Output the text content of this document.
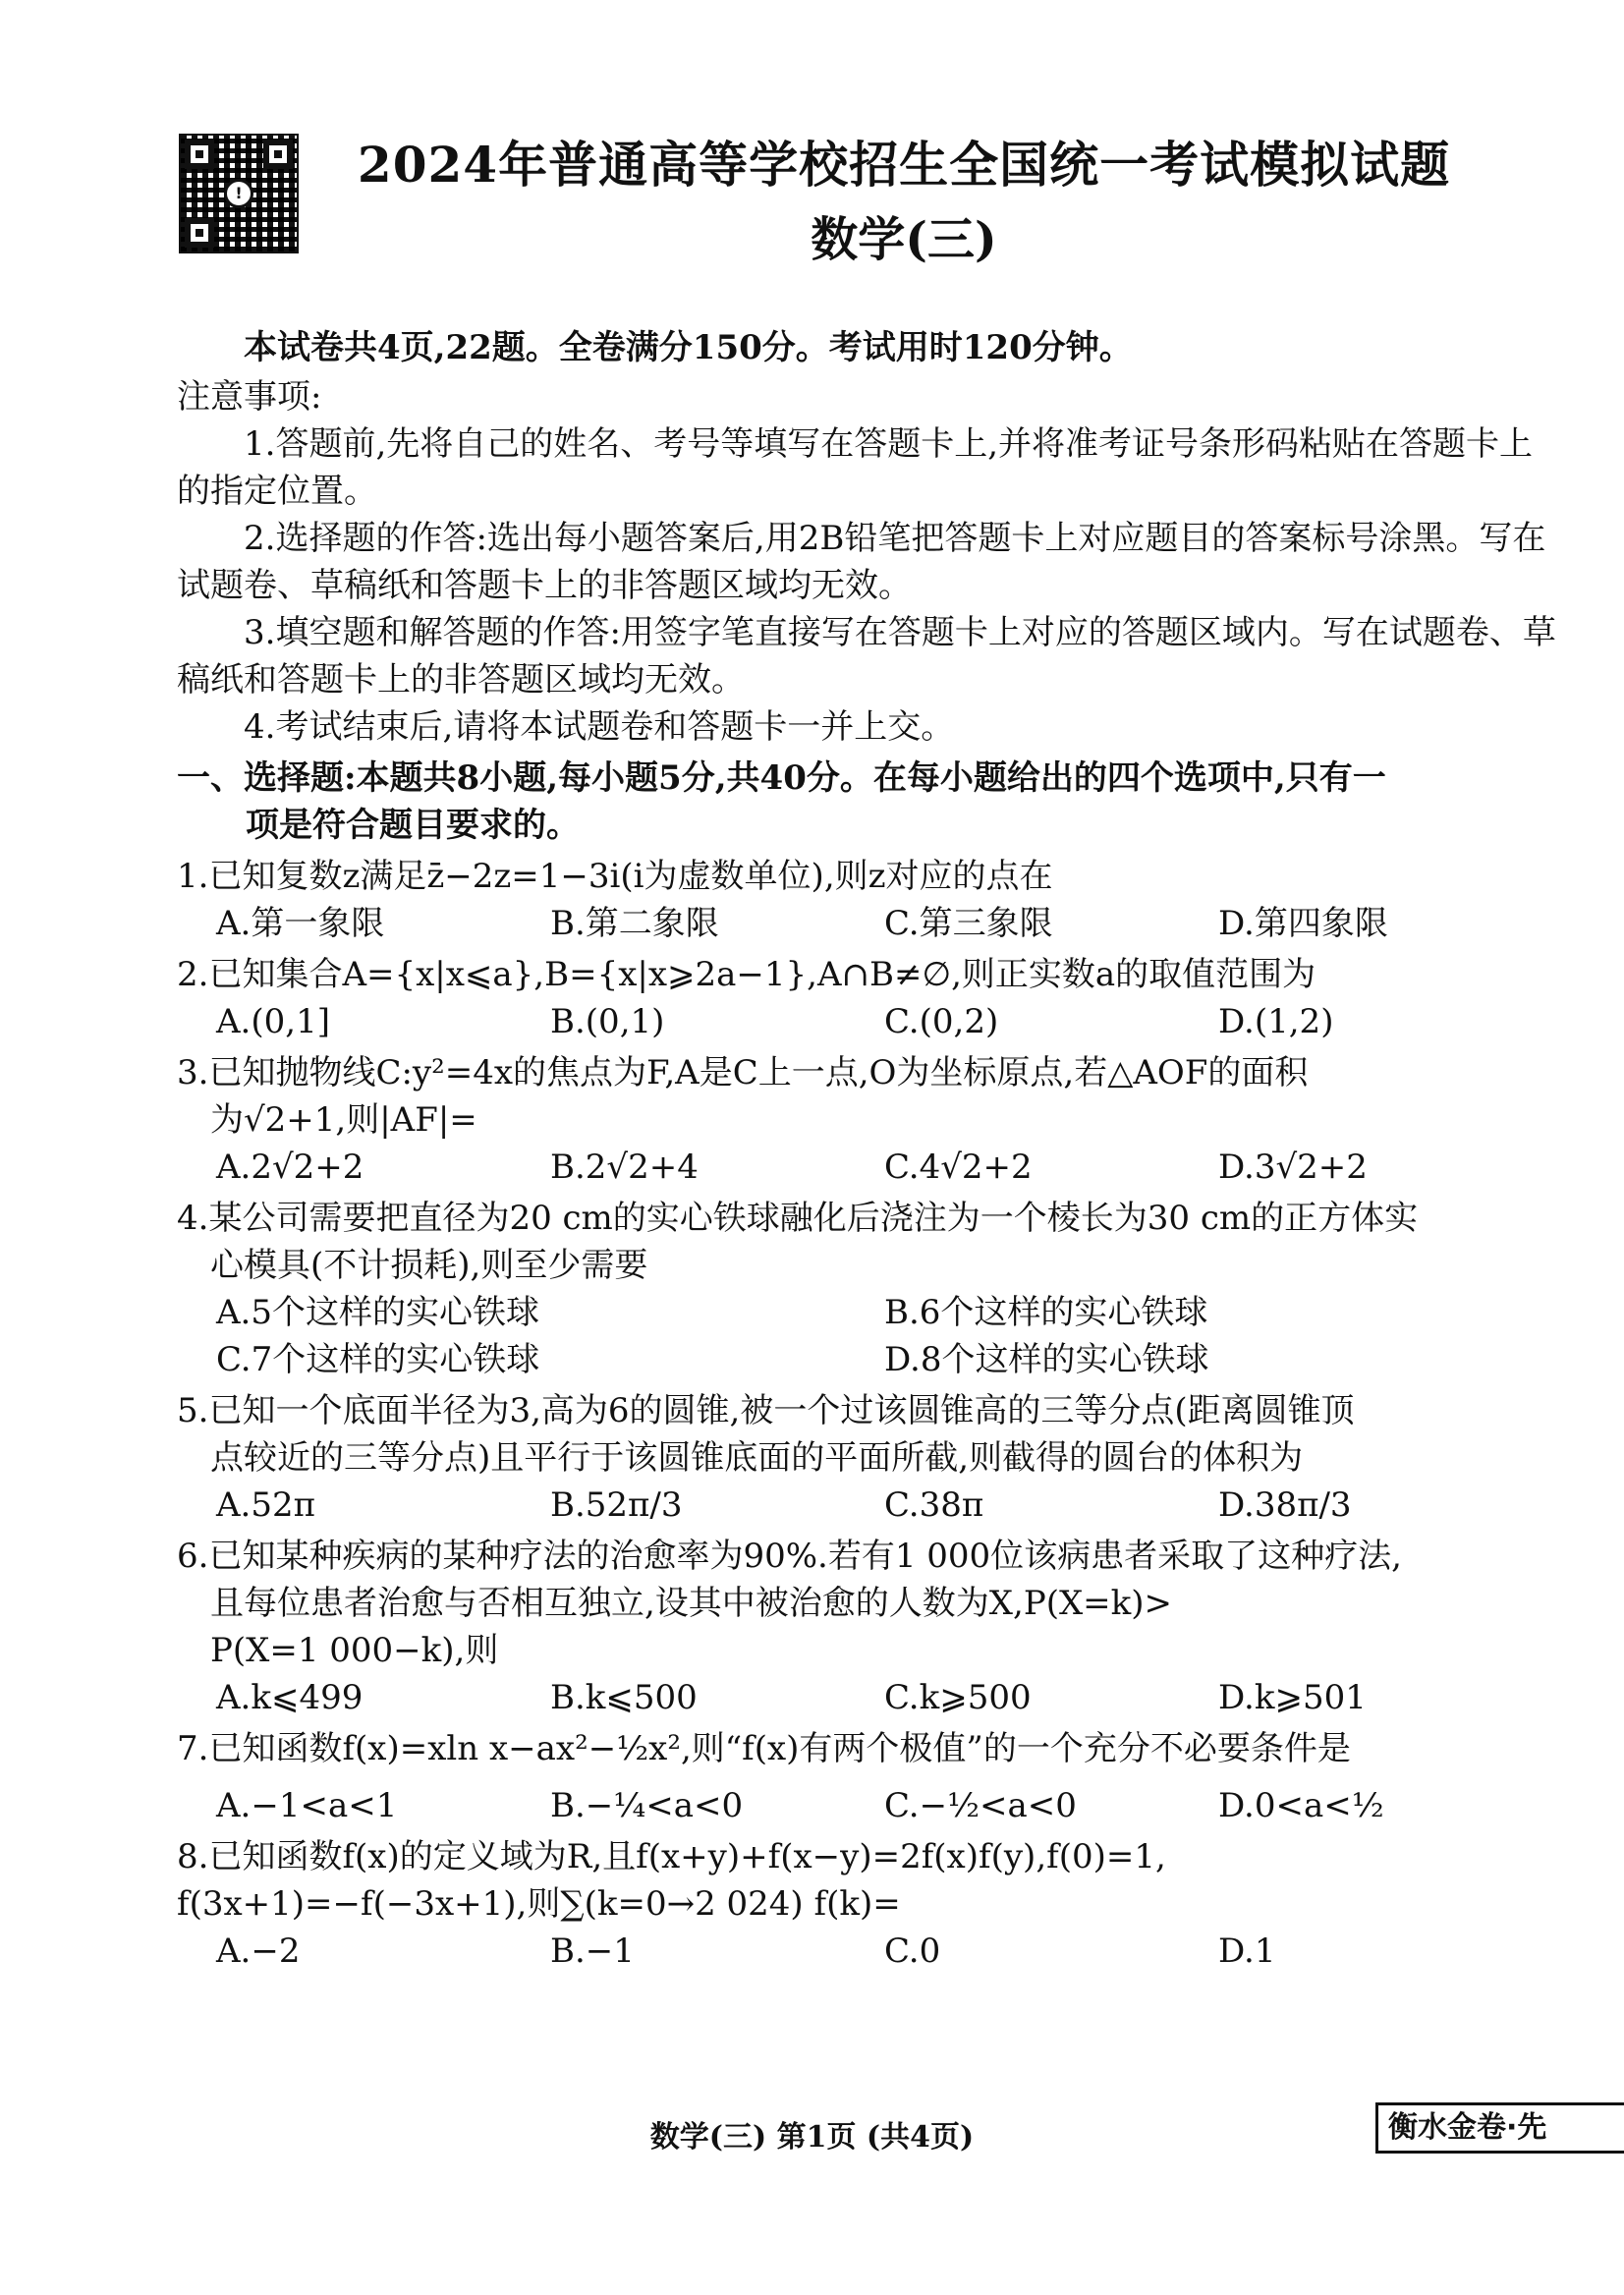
!	2024年普通高等学校招生全国统一考试模拟试题
数学(三)
本试卷共4页,22题。全卷满分150分。考试用时120分钟。

注意事项:

1.答题前,先将自己的姓名、考号等填写在答题卡上,并将准考证号条形码粘贴在答题卡上的指定位置。

2.选择题的作答:选出每小题答案后,用2B铅笔把答题卡上对应题目的答案标号涂黑。写在试题卷、草稿纸和答题卡上的非答题区域均无效。

3.填空题和解答题的作答:用签字笔直接写在答题卡上对应的答题区域内。写在试题卷、草稿纸和答题卡上的非答题区域均无效。

4.考试结束后,请将本试题卷和答题卡一并上交。

一、选择题:本题共8小题,每小题5分,共40分。在每小题给出的四个选项中,只有一
项是符合题目要求的。
1.已知复数z满足z̄−2z=1−3i(i为虚数单位),则z对应的点在
A.第一象限	B.第二象限	C.第三象限	D.第四象限
2.已知集合A={x|x⩽a},B={x|x⩾2a−1},A∩B≠∅,则正实数a的取值范围为
A.(0,1]	B.(0,1)	C.(0,2)	D.(1,2)
3.已知抛物线C:y²=4x的焦点为F,A是C上一点,O为坐标原点,若△AOF的面积
为√2+1,则|AF|=
A.2√2+2	B.2√2+4	C.4√2+2	D.3√2+2
4.某公司需要把直径为20 cm的实心铁球融化后浇注为一个棱长为30 cm的正方体实
心模具(不计损耗),则至少需要
A.5个这样的实心铁球	B.6个这样的实心铁球
C.7个这样的实心铁球	D.8个这样的实心铁球
5.已知一个底面半径为3,高为6的圆锥,被一个过该圆锥高的三等分点(距离圆锥顶
点较近的三等分点)且平行于该圆锥底面的平面所截,则截得的圆台的体积为
A.52π	B.52π/3	C.38π	D.38π/3
6.已知某种疾病的某种疗法的治愈率为90%.若有1 000位该病患者采取了这种疗法,
且每位患者治愈与否相互独立,设其中被治愈的人数为X,P(X=k)>
P(X=1 000−k),则
A.k⩽499	B.k⩽500	C.k⩾500	D.k⩾501
7.已知函数f(x)=xln x−ax²−½x²,则“f(x)有两个极值”的一个充分不必要条件是
A.−1<a<1	B.−¼<a<0	C.−½<a<0	D.0<a<½
8.已知函数f(x)的定义域为R,且f(x+y)+f(x−y)=2f(x)f(y),f(0)=1,
f(3x+1)=−f(−3x+1),则∑(k=0→2 024) f(k)=
A.−2	B.−1	C.0	D.1
数学(三) 第1页 (共4页)	衡水金卷·先
